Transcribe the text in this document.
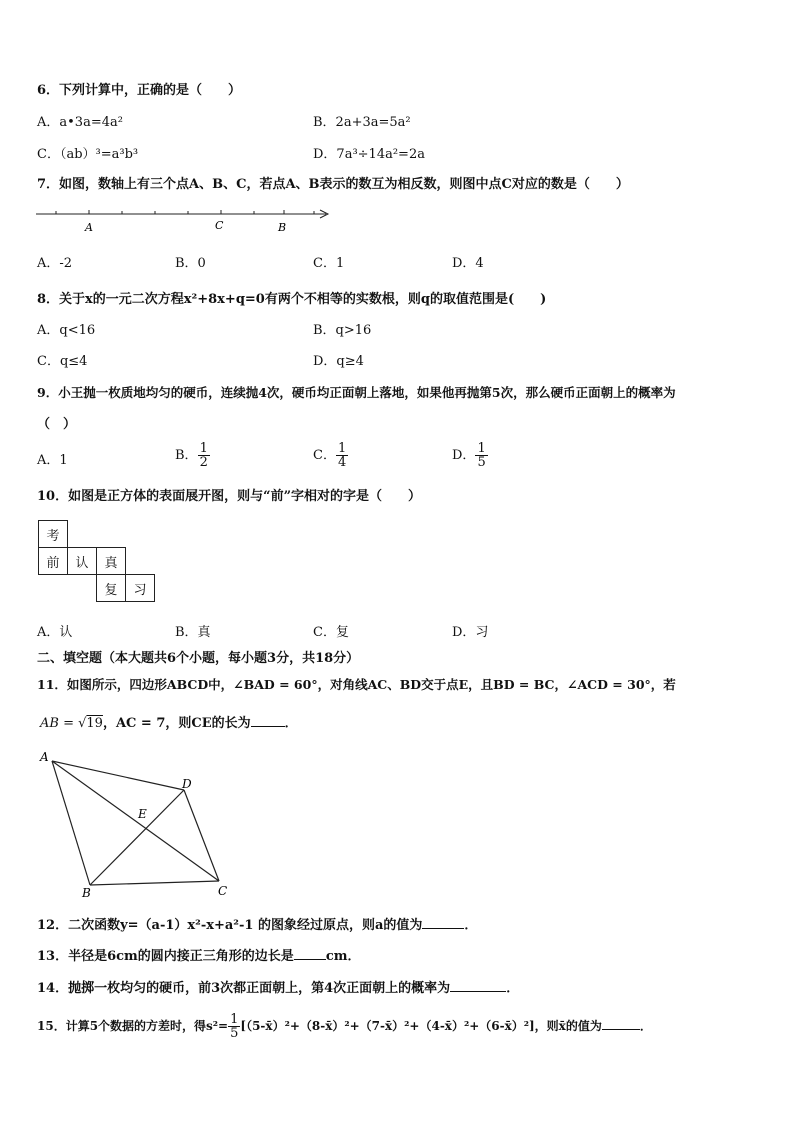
6．下列计算中，正确的是（　　）
A．a•3a=4a²	B．2a+3a=5a²
C．（ab）³=a³b³	D．7a³÷14a²=2a
7．如图，数轴上有三个点A、B、C，若点A、B表示的数互为相反数，则图中点C对应的数是（　　）
A	C	B
A．-2	B．0	C．1	D．4
8．关于x的一元二次方程x²+8x+q=0有两个不相等的实数根，则q的取值范围是(　　)
A．q<16	B．q>16
C．q≤4	D．q≥4
9．小王抛一枚质地均匀的硬币，连续抛4次，硬币均正面朝上落地，如果他再抛第5次，那么硬币正面朝上的概率为
（　）
A．1	B． $\frac{1}{2}$	C． $\frac{1}{4}$	D． $\frac{1}{5}$
10．如图是正方体的表面展开图，则与“前”字相对的字是（　　）
考			
前	认	真	
		复	习
A．认	B．真	C．复	D．习
二、填空题（本大题共6个小题，每小题3分，共18分）
11．如图所示，四边形ABCD中，∠BAD = 60°，对角线AC、BD交于点E，且BD = BC，∠ACD = 30°，若
AB = √19，AC = 7，则CE的长为	．
A
D
E
B	C
12．二次函数y=（a-1）x²-x+a²-1 的图象经过原点，则a的值为	．
13．半径是6cm的圆内接正三角形的边长是 cm．
14．抛掷一枚均匀的硬币，前3次都正面朝上，第4次正面朝上的概率为	．
15．计算5个数据的方差时，得$s^2= \frac{1}{5}$ [（5-x̄）²+（8-x̄）²+（7-x̄）²+（4-x̄）²+（6-x̄）²]，则x̄的值为	．
